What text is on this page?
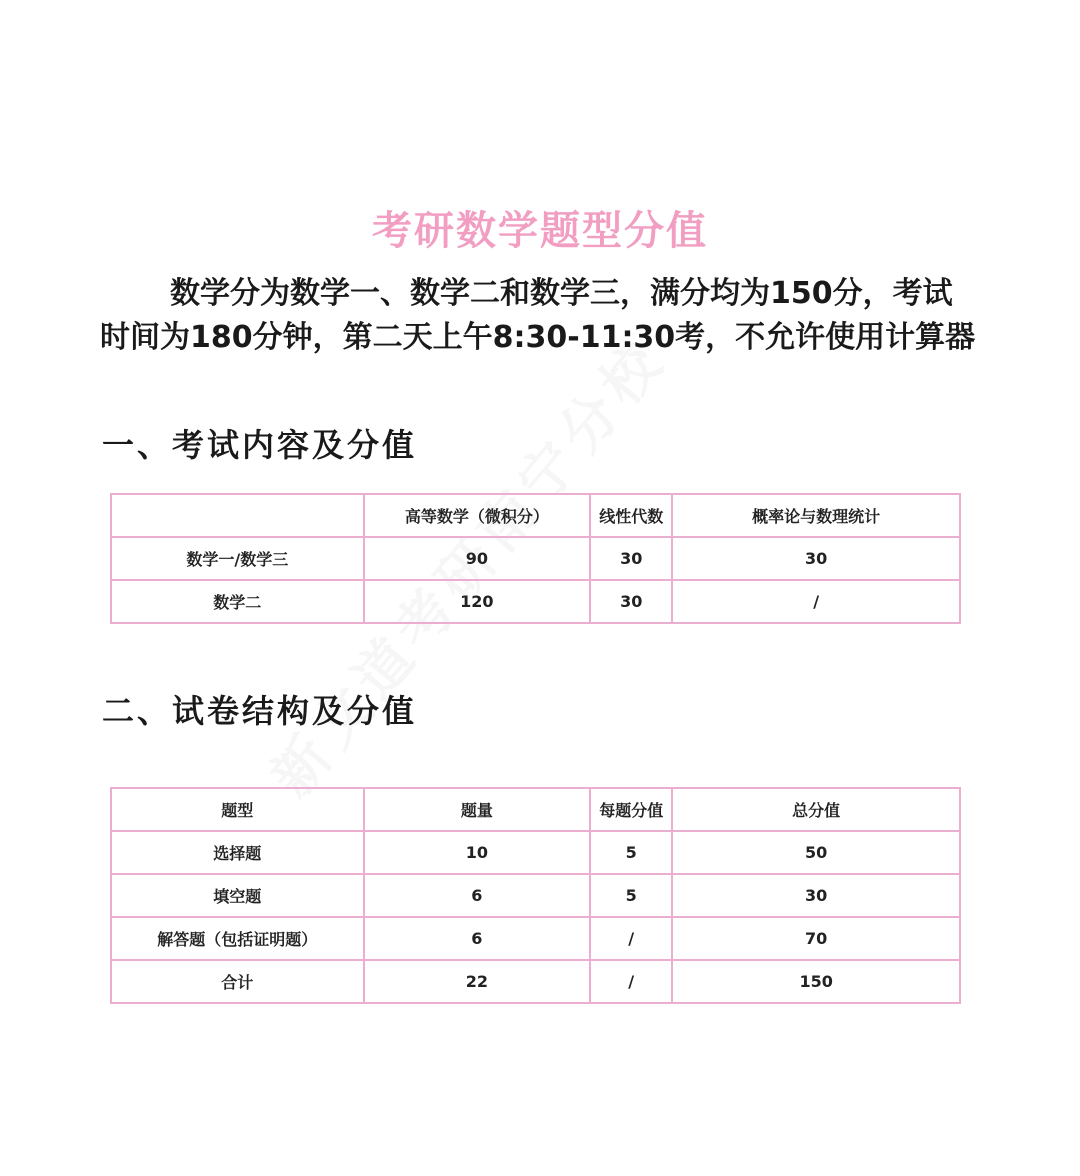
考研数学题型分值

数学分为数学一、数学二和数学三，满分均为150分，考试时间为180分钟，第二天上午8:30-11:30考，不允许使用计算器

一、考试内容及分值
	高等数学（微积分）	线性代数	概率论与数理统计
数学一/数学三	90	30	30
数学二	120	30	/
二、试卷结构及分值
题型	题量	每题分值	总分值
选择题	10	5	50
填空题	6	5	30
解答题（包括证明题）	6	/	70
合计	22	/	150
